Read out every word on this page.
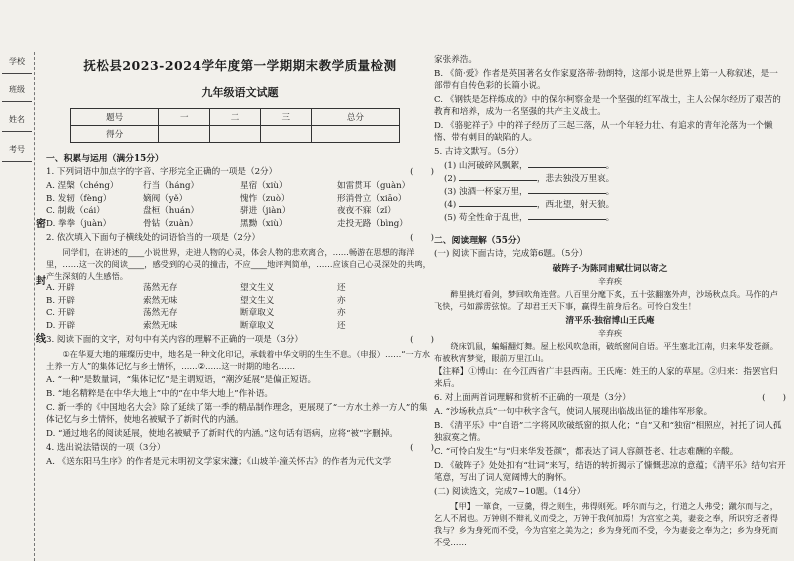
学校
班级
姓名
考号
密
封
线
抚松县2023-2024学年度第一学期期末教学质量检测
九年级语文试题
题号	一	二	三	总分
得分				
一、积累与运用（满分15分）
1. 下列词语中加点字的字音、字形完全正确的一项是（2分）	(　　)
A. 涅槃（chéng）	行当（háng）	星宿（xiù）	如雷贯耳（guàn）
B. 发轫（fèng）	嫡阀（yě）	愧怍（zuò）	形消骨立（xiāo）
C. 制裁（cái）	盘桓（huán）	骈进（jiàn）	夜夜不寐（zǐ）
D. 拳拳（juàn）	骨钻（zuàn）	黑黝（xiù）	走投无路（bìng）
2. 依次填入下面句子横线处的词语恰当的一项是（2分）	(　　)
同学们，在讲述的____小说世界，走进人物的心灵，体会人物的悲欢离合，……畅游在思想的海洋里，……这一次的阅读____，感受到的心灵的撞击，不应____地评判简单，……应该自己心灵深处的共鸣，产生深刻的人生感悟。
A. 开辟	荡然无存	望文生义	还
B. 开辟	索然无味	望文生义	亦
C. 开辟	荡然无存	断章取义	亦
D. 开辟	索然无味	断章取义	还
3. 阅读下面的文字，对句中有关内容的理解不正确的一项是（3分）	(　　)
①在华夏大地的璀璨历史中，地名是一种文化印记，承载着中华文明的生生不息。（申报）……“一方水土养一方人”的集体记忆与乡土情怀，……②……这一时期的地名……
A. “一种”是数量词，“集体记忆”是主谓短语，“潮汐延展”是偏正短语。
B. “地名精粹是在中华大地上”中的“在中华大地上”作补语。
C. 新一季的《中国地名大会》除了延续了第一季的精品制作理念，更展现了“一方水土养一方人”的集体记忆与乡土情怀，使地名被赋予了新时代的内涵。
D. “通过地名的阅读延展，使地名被赋予了新时代的内涵。”这句话有语病，应将“被”字删掉。
4. 选出说法错误的一项（3分）	(　　)
A. 《送东阳马生序》的作者是元末明初文学家宋濂；《山坡羊·潼关怀古》的作者为元代文学
家张养浩。
B. 《简·爱》作者是英国著名女作家夏洛蒂·勃朗特，这部小说是世界上第一人称叙述，是一部带有自传色彩的长篇小说。
C. 《钢铁是怎样炼成的》中的保尔柯察金是一个坚强的红军战士，主人公保尔经历了艰苦的教育和培养，成为一名坚强的共产主义战士。
D. 《骆驼祥子》中的祥子经历了三起三落，从一个年轻力壮、有追求的青年沦落为一个懒惰、带有刺目的缺陷的人。
5. 古诗文默写。（5分）
(1) 山河破碎风飘絮，	。
(2)	，悲去独没万里哀。
(3) 浊酒一杯家万里，	。
(4)	，西北望，射天狼。
(5) 苟全性命于乱世，	。
二、阅读理解（55分）
(一) 阅读下面古诗，完成第6题。（5分）
破阵子·为陈同甫赋壮词以寄之
辛弃疾
醉里挑灯看剑，梦回吹角连营。八百里分麾下炙，五十弦翻塞外声，沙场秋点兵。马作的卢飞快，弓如霹雳弦惊。了却君王天下事，赢得生前身后名。可怜白发生！
清平乐·独宿博山王氏庵
辛弃疾
绕床饥鼠，蝙蝠翻灯舞。屋上松风吹急雨，破纸窗间自语。平生塞北江南，归来华发苍颜。布被秋宵梦觉，眼前万里江山。
【注释】①博山：在今江西省广丰县西南。王氏庵：姓王的人家的草屋。②归来：指罢官归来后。
6. 对上面两首词理解和赏析不正确的一项是（3分）	(　　)
A. “沙场秋点兵”一句中秋字含气，使词人展现出临战出征的雄伟军形象。
B. 《清平乐》中“自语”二字将风吹破纸窗的拟人化；“自”又和“独宿”相照应，衬托了词人孤独寂寞之情。
C. “可怜白发生”与“归来华发苍颜”，都表达了词人容颜苍老、壮志难酬的辛酸。
D. 《破阵子》处处扣有“壮词”来写，结语的转折揭示了慷慨悲凉的意蕴；《清平乐》结句宕开笔意，写出了词人宽阔博大的胸怀。
(二) 阅读选文，完成7~10题。（14分）
【甲】一箪食，一豆羹，得之则生，弗得则死。呼尔而与之，行道之人弗受；蹴尔而与之，乞人不屑也。万钟则不辩礼义而受之，万钟于我何加焉！为宫室之美，妻妾之奉，所识穷乏者得我与？乡为身死而不受，今为宫室之美为之；乡为身死而不受，今为妻妾之奉为之；乡为身死而不受……
